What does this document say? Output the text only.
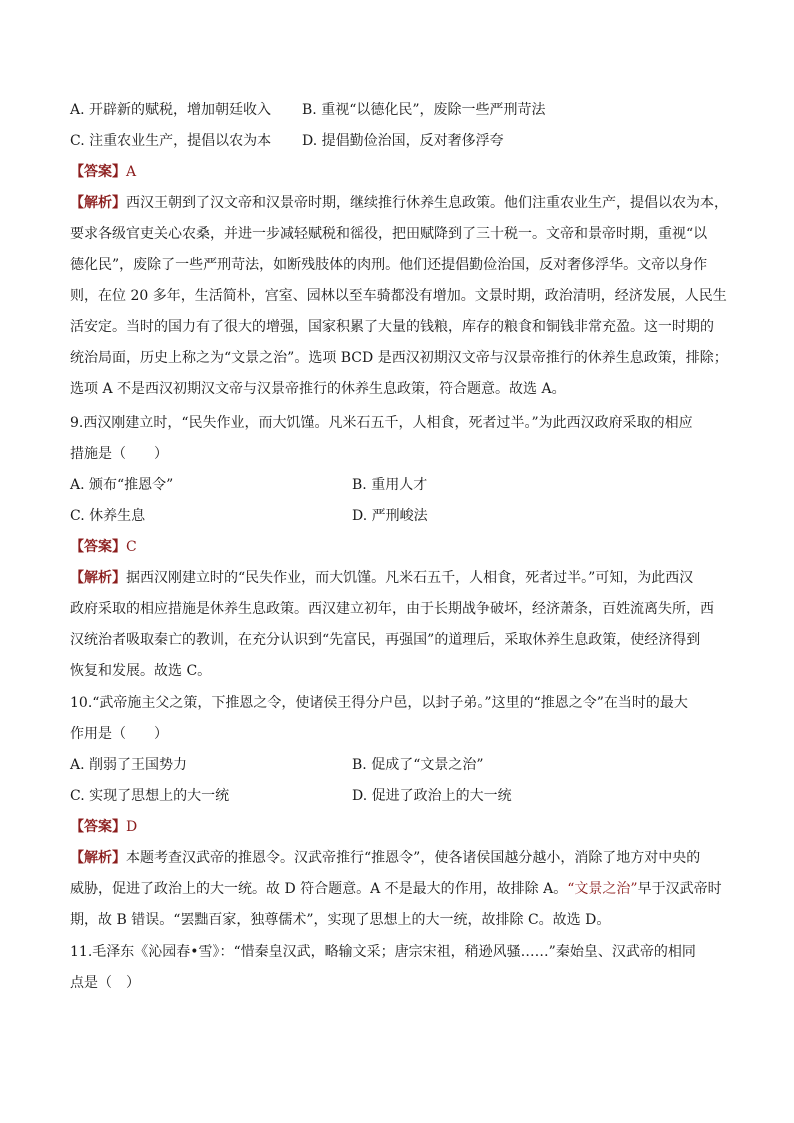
A. 开辟新的赋税，增加朝廷收入 B. 重视“以德化民”，废除一些严刑苛法
C. 注重农业生产，提倡以农为本 D. 提倡勤俭治国，反对奢侈浮夸
【答案】A
【解析】西汉王朝到了汉文帝和汉景帝时期，继续推行休养生息政策。他们注重农业生产，提倡以农为本，
要求各级官吏关心农桑，并进一步减轻赋税和徭役，把田赋降到了三十税一。文帝和景帝时期，重视“以
德化民”，废除了一些严刑苛法，如断残肢体的肉刑。他们还提倡勤俭治国，反对奢侈浮华。文帝以身作
则，在位 20 多年，生活简朴，宫室、园林以至车骑都没有增加。文景时期，政治清明，经济发展，人民生
活安定。当时的国力有了很大的增强，国家积累了大量的钱粮，库存的粮食和铜钱非常充盈。这一时期的
统治局面，历史上称之为“文景之治”。选项 BCD 是西汉初期汉文帝与汉景帝推行的休养生息政策，排除；
选项 A 不是西汉初期汉文帝与汉景帝推行的休养生息政策，符合题意。故选 A。
9.西汉刚建立时，“民失作业，而大饥馑。凡米石五千，人相食，死者过半。”为此西汉政府采取的相应
措施是（　　）
A. 颁布“推恩令”	B. 重用人才
C. 休养生息	D. 严刑峻法
【答案】C
【解析】据西汉刚建立时的“民失作业，而大饥馑。凡米石五千，人相食，死者过半。”可知，为此西汉
政府采取的相应措施是休养生息政策。西汉建立初年，由于长期战争破坏，经济萧条，百姓流离失所，西
汉统治者吸取秦亡的教训，在充分认识到“先富民，再强国”的道理后，采取休养生息政策，使经济得到
恢复和发展。故选 C。
10.“武帝施主父之策，下推恩之令，使诸侯王得分户邑，以封子弟。”这里的“推恩之令”在当时的最大
作用是（　　）
A. 削弱了王国势力	B. 促成了“文景之治”
C. 实现了思想上的大一统	D. 促进了政治上的大一统
【答案】D
【解析】本题考查汉武帝的推恩令。汉武帝推行“推恩令”，使各诸侯国越分越小，消除了地方对中央的
威胁，促进了政治上的大一统。故 D 符合题意。A 不是最大的作用，故排除 A。“文景之治”早于汉武帝时
期，故 B 错误。“罢黜百家，独尊儒术”，实现了思想上的大一统，故排除 C。故选 D。
11.毛泽东《沁园春•雪》：“惜秦皇汉武，略输文采；唐宗宋祖，稍逊风骚……”秦始皇、汉武帝的相同
点是（　）
